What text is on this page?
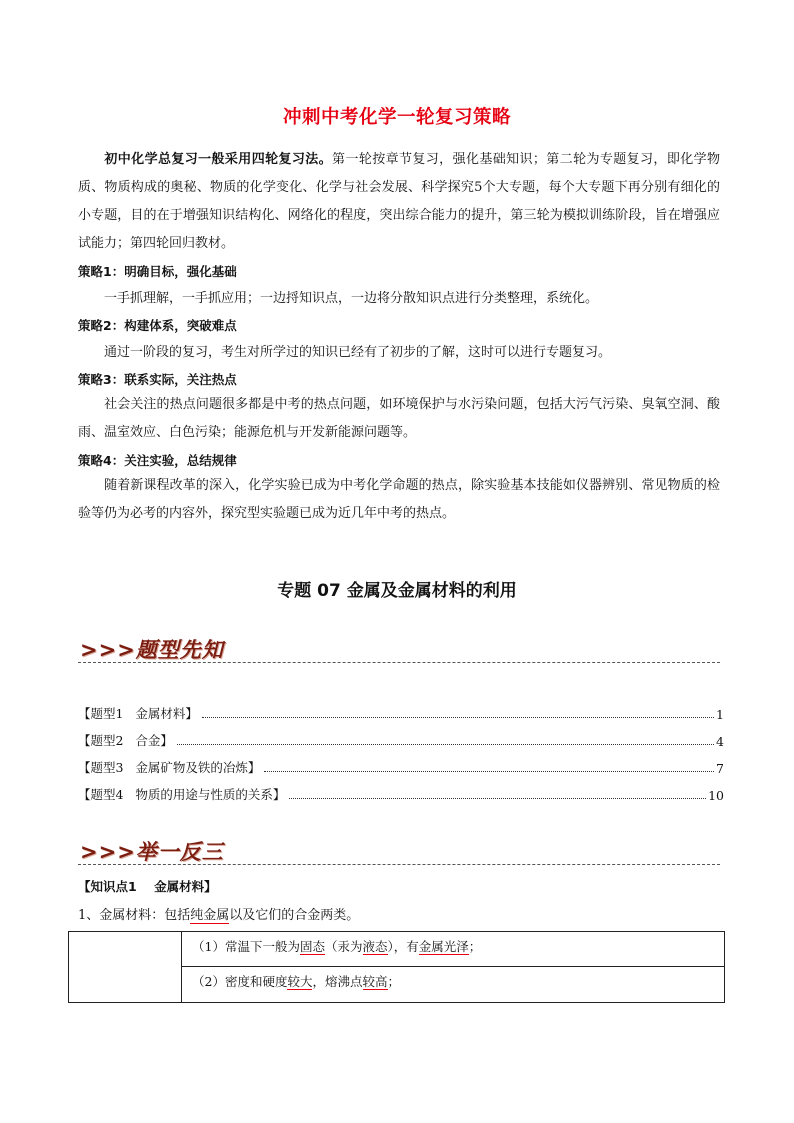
冲刺中考化学一轮复习策略
初中化学总复习一般采用四轮复习法。第一轮按章节复习，强化基础知识；第二轮为专题复习，即化学物质、物质构成的奥秘、物质的化学变化、化学与社会发展、科学探究5个大专题，每个大专题下再分别有细化的小专题，目的在于增强知识结构化、网络化的程度，突出综合能力的提升，第三轮为模拟训练阶段，旨在增强应试能力；第四轮回归教材。
策略1：明确目标，强化基础
一手抓理解，一手抓应用；一边捋知识点，一边将分散知识点进行分类整理，系统化。
策略2：构建体系，突破难点
通过一阶段的复习，考生对所学过的知识已经有了初步的了解，这时可以进行专题复习。
策略3：联系实际，关注热点
社会关注的热点问题很多都是中考的热点问题，如环境保护与水污染问题，包括大污气污染、臭氧空洞、酸雨、温室效应、白色污染；能源危机与开发新能源问题等。
策略4：关注实验，总结规律
随着新课程改革的深入，化学实验已成为中考化学命题的热点，除实验基本技能如仪器辨别、常见物质的检验等仍为必考的内容外，探究型实验题已成为近几年中考的热点。
专题 07 金属及金属材料的利用
>>>题型先知
【题型1   金属材料】	1
【题型2   合金】	4
【题型3   金属矿物及铁的冶炼】	7
【题型4   物质的用途与性质的关系】	10
>>>举一反三
【知识点1    金属材料】
1、金属材料：包括纯金属以及它们的合金两类。
（1）常温下一般为固态（汞为液态），有金属光泽；
（2）密度和硬度较大，熔沸点较高；
